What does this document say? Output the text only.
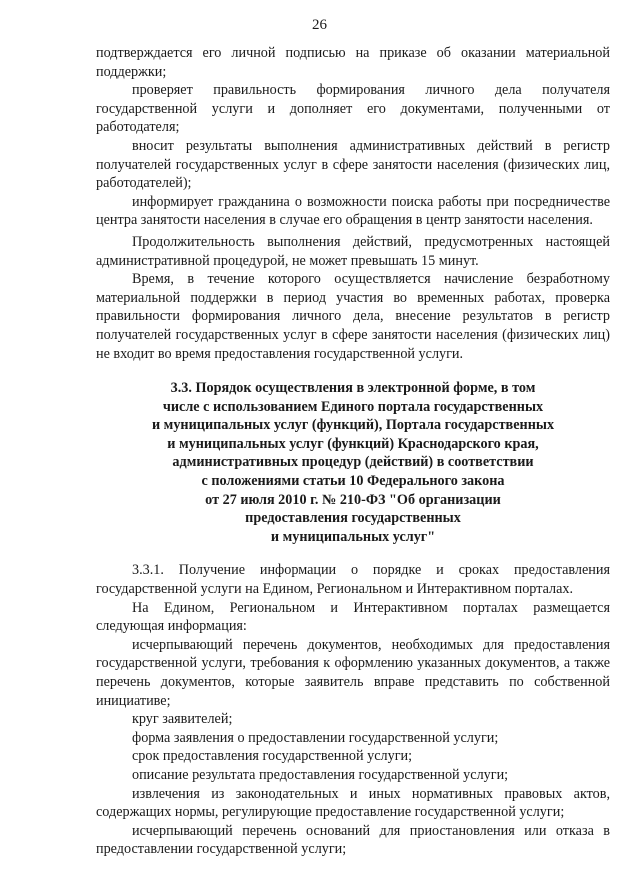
26

подтверждается его личной подписью на приказе об оказании материальной поддержки;

проверяет правильность формирования личного дела получателя государственной услуги и дополняет его документами, полученными от работодателя;

вносит результаты выполнения административных действий в регистр получателей государственных услуг в сфере занятости населения (физических лиц, работодателей);

информирует гражданина о возможности поиска работы при посредничестве центра занятости населения в случае его обращения в центр занятости населения.

Продолжительность выполнения действий, предусмотренных настоящей административной процедурой, не может превышать 15 минут.

Время, в течение которого осуществляется начисление безработному материальной поддержки в период участия во временных работах, проверка правильности формирования личного дела, внесение результатов в регистр получателей государственных услуг в сфере занятости населения (физических лиц) не входит во время предоставления государственной услуги.

3.3. Порядок осуществления в электронной форме, в том
числе с использованием Единого портала государственных
и муниципальных услуг (функций), Портала государственных
и муниципальных услуг (функций) Краснодарского края,
административных процедур (действий) в соответствии
с положениями статьи 10 Федерального закона
от 27 июля 2010 г. № 210-ФЗ "Об организации
предоставления государственных
и муниципальных услуг"

3.3.1. Получение информации о порядке и сроках предоставления государственной услуги на Едином, Региональном и Интерактивном порталах.

На Едином, Региональном и Интерактивном порталах размещается следующая информация:

исчерпывающий перечень документов, необходимых для предоставления государственной услуги, требования к оформлению указанных документов, а также перечень документов, которые заявитель вправе представить по собственной инициативе;

круг заявителей;

форма заявления о предоставлении государственной услуги;

срок предоставления государственной услуги;

описание результата предоставления государственной услуги;

извлечения из законодательных и иных нормативных правовых актов, содержащих нормы, регулирующие предоставление государственной услуги;

исчерпывающий перечень оснований для приостановления или отказа в предоставлении государственной услуги;
